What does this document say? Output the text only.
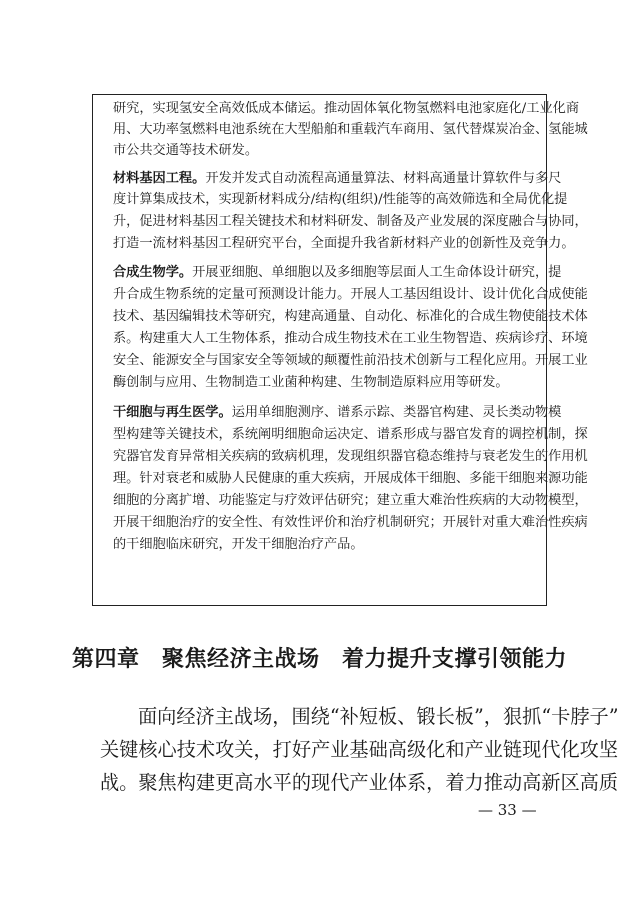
研究，实现氢安全高效低成本储运。推动固体氧化物氢燃料电池家庭化/工业化商
用、大功率氢燃料电池系统在大型船舶和重载汽车商用、氢代替煤炭冶金、氢能城
市公共交通等技术研发。
材料基因工程。开发并发式自动流程高通量算法、材料高通量计算软件与多尺
度计算集成技术，实现新材料成分/结构(组织)/性能等的高效筛选和全局优化提
升，促进材料基因工程关键技术和材料研发、制备及产业发展的深度融合与协同，
打造一流材料基因工程研究平台，全面提升我省新材料产业的创新性及竞争力。
合成生物学。开展亚细胞、单细胞以及多细胞等层面人工生命体设计研究，提
升合成生物系统的定量可预测设计能力。开展人工基因组设计、设计优化合成使能
技术、基因编辑技术等研究，构建高通量、自动化、标准化的合成生物使能技术体
系。构建重大人工生物体系，推动合成生物技术在工业生物智造、疾病诊疗、环境
安全、能源安全与国家安全等领域的颠覆性前沿技术创新与工程化应用。开展工业
酶创制与应用、生物制造工业菌种构建、生物制造原料应用等研发。
干细胞与再生医学。运用单细胞测序、谱系示踪、类器官构建、灵长类动物模
型构建等关键技术，系统阐明细胞命运决定、谱系形成与器官发育的调控机制，探
究器官发育异常相关疾病的致病机理，发现组织器官稳态维持与衰老发生的作用机
理。针对衰老和威胁人民健康的重大疾病，开展成体干细胞、多能干细胞来源功能
细胞的分离扩增、功能鉴定与疗效评估研究；建立重大难治性疾病的大动物模型，
开展干细胞治疗的安全性、有效性评价和治疗机制研究；开展针对重大难治性疾病
的干细胞临床研究，开发干细胞治疗产品。
第四章　聚焦经济主战场　着力提升支撑引领能力
面向经济主战场，围绕“补短板、锻长板”，狠抓“卡脖子”
关键核心技术攻关，打好产业基础高级化和产业链现代化攻坚
战。聚焦构建更高水平的现代产业体系，着力推动高新区高质
— 33 —
